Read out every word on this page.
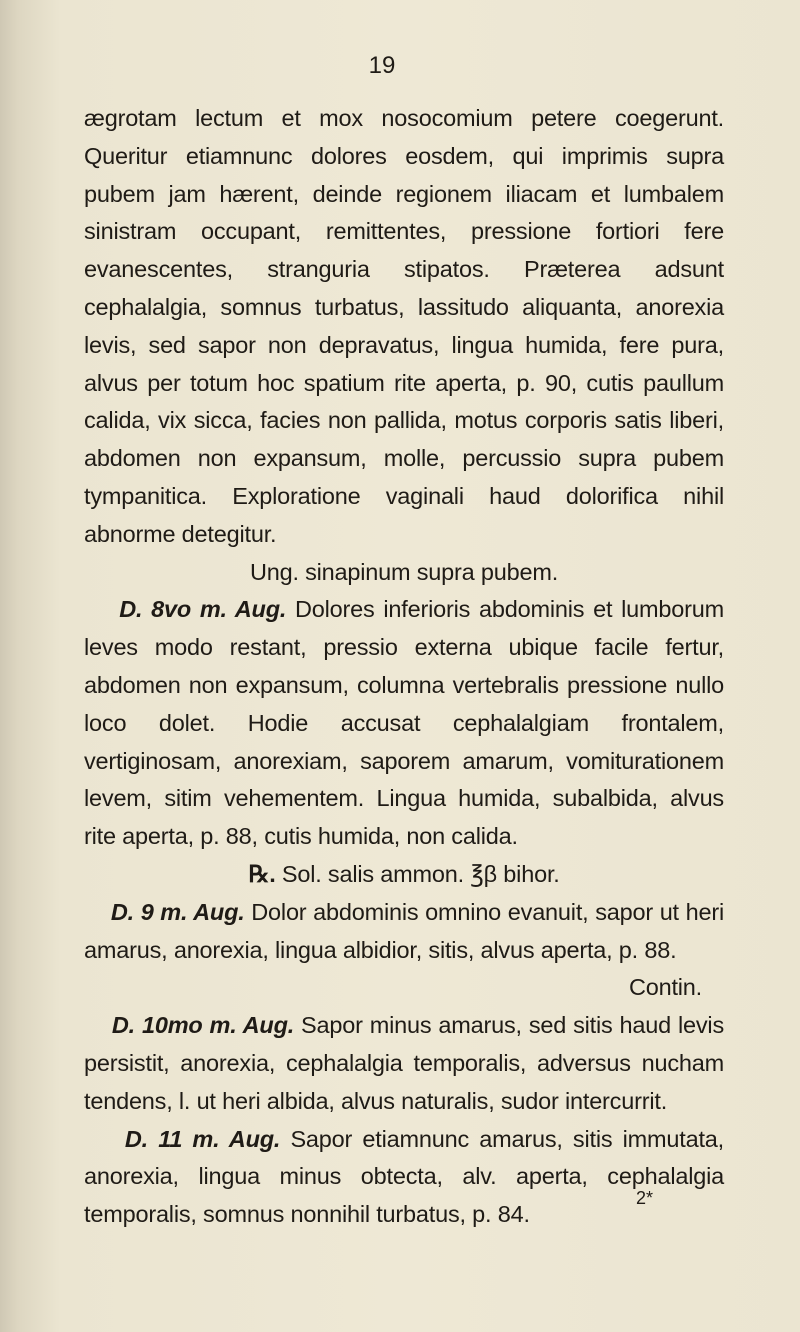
19

ægrotam lectum et mox nosocomium petere coegerunt. Queritur etiamnunc dolores eosdem, qui imprimis supra pubem jam hærent, deinde regionem iliacam et lumbalem sinistram occupant, remittentes, pressione fortiori fere evanescentes, stranguria stipatos. Præterea adsunt cephalalgia, somnus turbatus, lassitudo aliquanta, anorexia levis, sed sapor non depravatus, lingua humida, fere pura, alvus per totum hoc spatium rite aperta, p. 90, cutis paullum calida, vix sicca, facies non pallida, motus corporis satis liberi, abdomen non expansum, molle, percussio supra pubem tympanitica. Exploratione vaginali haud dolorifica nihil abnorme detegitur.

Ung. sinapinum supra pubem.

D. 8vo m. Aug. Dolores inferioris abdominis et lumborum leves modo restant, pressio externa ubique facile fertur, abdomen non expansum, columna vertebralis pressione nullo loco dolet. Hodie accusat cephalalgiam frontalem, vertiginosam, anorexiam, saporem amarum, vomiturationem levem, sitim vehementem. Lingua humida, subalbida, alvus rite aperta, p. 88, cutis humida, non calida.

℞. Sol. salis ammon. ℥β bihor.

D. 9 m. Aug. Dolor abdominis omnino evanuit, sapor ut heri amarus, anorexia, lingua albidior, sitis, alvus aperta, p. 88.

Contin.

D. 10mo m. Aug. Sapor minus amarus, sed sitis haud levis persistit, anorexia, cephalalgia temporalis, adversus nucham tendens, l. ut heri albida, alvus naturalis, sudor intercurrit.

D. 11 m. Aug. Sapor etiamnunc amarus, sitis immutata, anorexia, lingua minus obtecta, alv. aperta, cephalalgia temporalis, somnus nonnihil turbatus, p. 84.

2*
